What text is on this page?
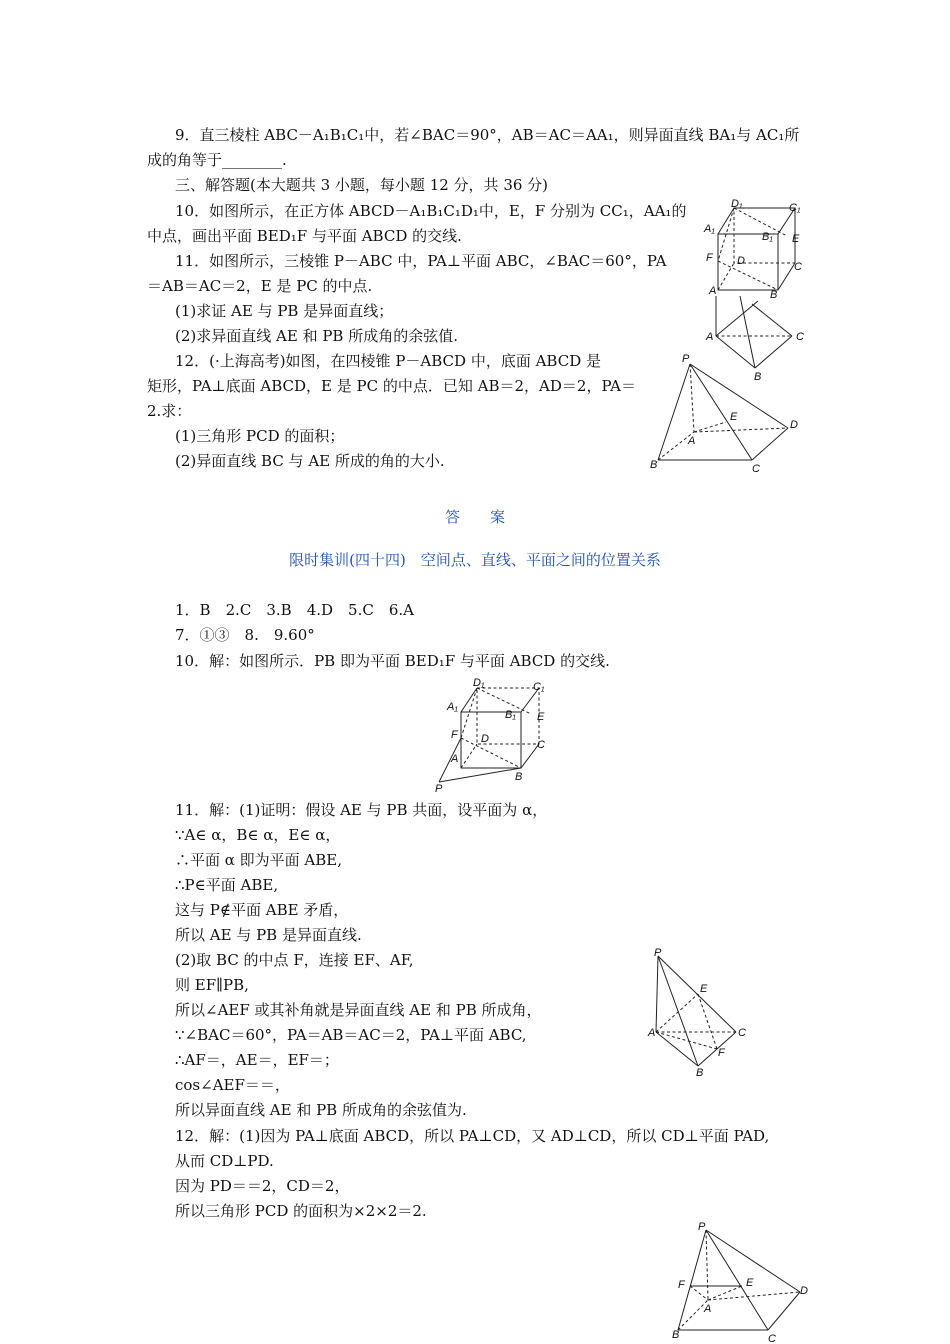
9．直三棱柱 ABC－A₁B₁C₁中，若∠BAC＝90°，AB＝AC＝AA₁，则异面直线 BA₁与 AC₁所
成的角等于________.
三、解答题(本大题共 3 小题，每小题 12 分，共 36 分)
10．如图所示，在正方体 ABCD－A₁B₁C₁D₁中，E，F 分别为 CC₁，AA₁的
中点，画出平面 BED₁F 与平面 ABCD 的交线.
11．如图所示，三棱锥 P－ABC 中，PA⊥平面 ABC，∠BAC＝60°，PA
＝AB＝AC＝2，E 是 PC 的中点.
(1)求证 AE 与 PB 是异面直线；
(2)求异面直线 AE 和 PB 所成角的余弦值.
12．(·上海高考)如图，在四棱锥 P－ABCD 中，底面 ABCD 是
矩形，PA⊥底面 ABCD，E 是 PC 的中点．已知 AB＝2，AD＝2，PA＝
2.求：
(1)三角形 PCD 的面积；
(2)异面直线 BC 与 AE 所成的角的大小.
D₁	C₁
A₁
B₁ E
F D	C
A	B
A	C
B
P
E
A
D
B	C
答　　案
限时集训(四十四)　空间点、直线、平面之间的位置关系
1．B　2.C　3.B　4.D　5.C　6.A
7．①③　8.　9.60°
10．解：如图所示．PB 即为平面 BED₁F 与平面 ABCD 的交线.
D₁	C₁
A₁
B₁ E
F D	C
A
B
P
11．解：(1)证明：假设 AE 与 PB 共面，设平面为 α，
∵A∈ α，B∈ α，E∈ α，
∴平面 α 即为平面 ABE,
∴P∈平面 ABE,
这与 P∉平面 ABE 矛盾，
所以 AE 与 PB 是异面直线.
(2)取 BC 的中点 F，连接 EF、AF,
则 EF∥PB,
所以∠AEF 或其补角就是异面直线 AE 和 PB 所成角，
∵∠BAC＝60°，PA＝AB＝AC＝2，PA⊥平面 ABC,
∴AF＝，AE＝，EF＝；
cos∠AEF＝＝，
所以异面直线 AE 和 PB 所成角的余弦值为.
P
E
A	C
F
B
12．解：(1)因为 PA⊥底面 ABCD，所以 PA⊥CD，又 AD⊥CD，所以 CD⊥平面 PAD,
从而 CD⊥PD.
因为 PD＝＝2，CD＝2，
所以三角形 PCD 的面积为×2×2＝2.
P
F	E
A
D
B	C
